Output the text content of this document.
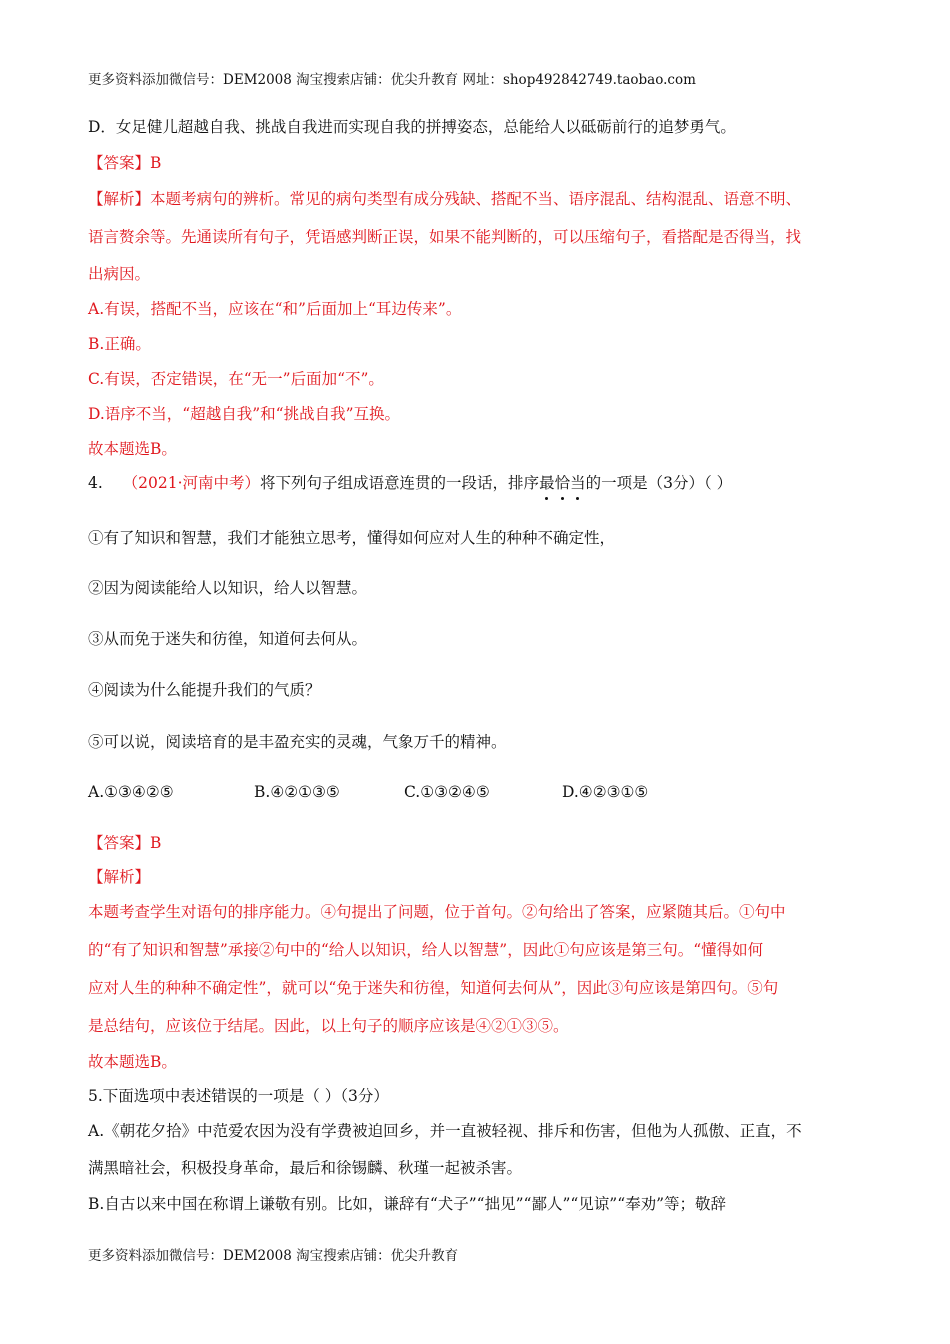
更多资料添加微信号：DEM2008 淘宝搜索店铺：优尖升教育 网址：shop492842749.taobao.com
D．女足健儿超越自我、挑战自我进而实现自我的拼搏姿态，总能给人以砥砺前行的追梦勇气。
【答案】B
【解析】本题考病句的辨析。常见的病句类型有成分残缺、搭配不当、语序混乱、结构混乱、语意不明、
语言赘余等。先通读所有句子，凭语感判断正误，如果不能判断的，可以压缩句子，看搭配是否得当，找
出病因。
A.有误，搭配不当，应该在“和”后面加上“耳边传来”。
B.正确。
C.有误，否定错误，在“无一”后面加“不”。
D.语序不当，“超越自我”和“挑战自我”互换。
故本题选B。
4. （2021·河南中考）将下列句子组成语意连贯的一段话，排序最恰当的一项是（3分）（ ）
①有了知识和智慧，我们才能独立思考，懂得如何应对人生的种种不确定性，
②因为阅读能给人以知识，给人以智慧。
③从而免于迷失和彷徨，知道何去何从。
④阅读为什么能提升我们的气质？
⑤可以说，阅读培育的是丰盈充实的灵魂，气象万千的精神。
A.①③④②⑤	B.④②①③⑤	C.①③②④⑤	D.④②③①⑤
【答案】B
【解析】
本题考查学生对语句的排序能力。④句提出了问题，位于首句。②句给出了答案，应紧随其后。①句中
的“有了知识和智慧”承接②句中的“给人以知识，给人以智慧”，因此①句应该是第三句。“懂得如何
应对人生的种种不确定性”，就可以“免于迷失和彷徨，知道何去何从”，因此③句应该是第四句。⑤句
是总结句，应该位于结尾。因此，以上句子的顺序应该是④②①③⑤。
故本题选B。
5.下面选项中表述错误的一项是（ ）（3分）
A.《朝花夕拾》中范爱农因为没有学费被迫回乡，并一直被轻视、排斥和伤害，但他为人孤傲、正直，不
满黑暗社会，积极投身革命，最后和徐锡麟、秋瑾一起被杀害。
B.自古以来中国在称谓上谦敬有别。比如，谦辞有“犬子”“拙见”“鄙人”“见谅”“奉劝”等；敬辞
更多资料添加微信号：DEM2008 淘宝搜索店铺：优尖升教育
